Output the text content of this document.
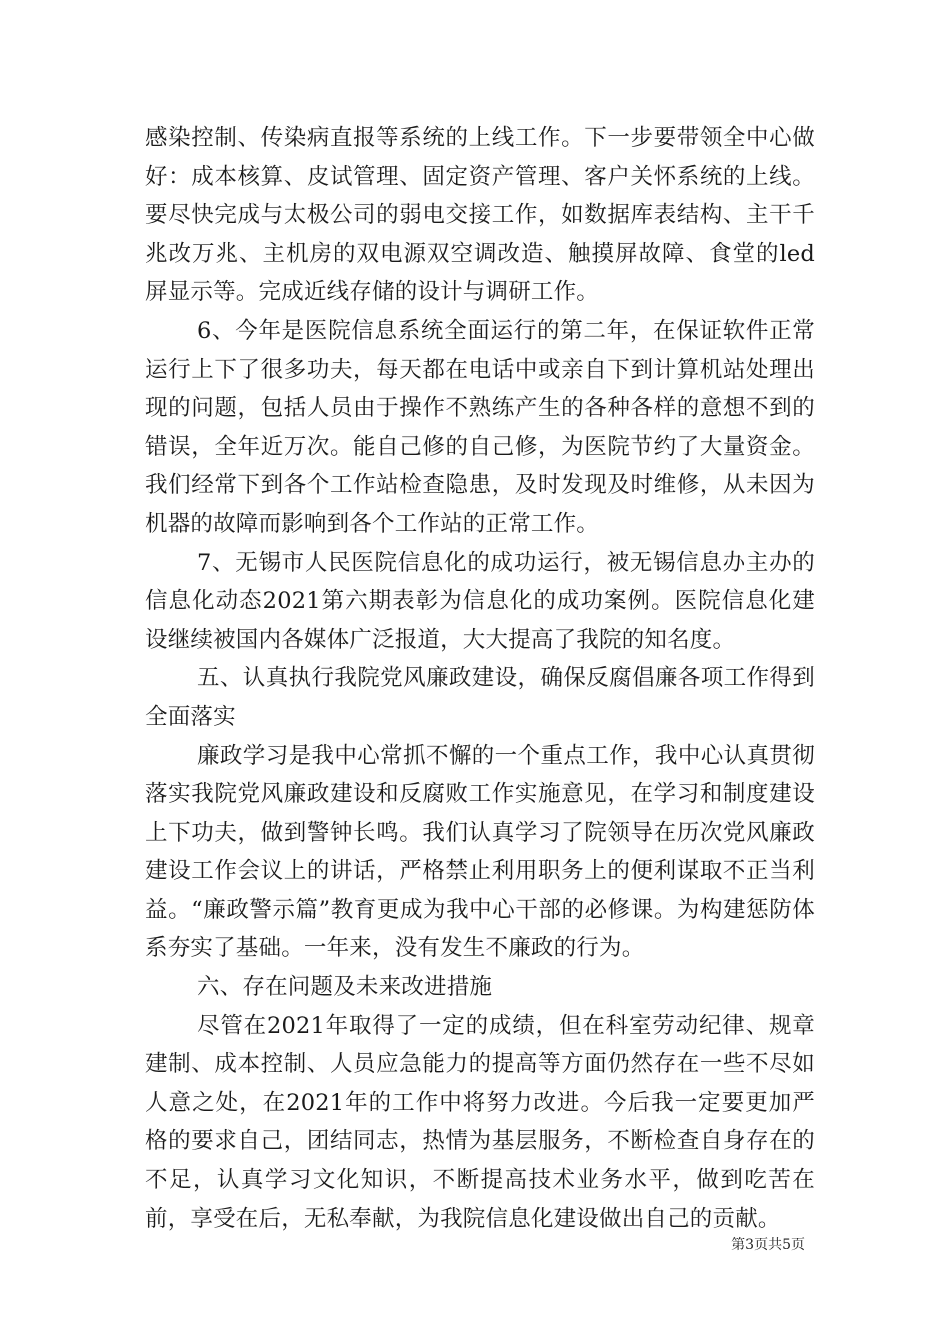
感染控制、传染病直报等系统的上线工作。下一步要带领全中心做好：成本核算、皮试管理、固定资产管理、客户关怀系统的上线。要尽快完成与太极公司的弱电交接工作，如数据库表结构、主干千兆改万兆、主机房的双电源双空调改造、触摸屏故障、食堂的led屏显示等。完成近线存储的设计与调研工作。

6、今年是医院信息系统全面运行的第二年，在保证软件正常运行上下了很多功夫，每天都在电话中或亲自下到计算机站处理出现的问题，包括人员由于操作不熟练产生的各种各样的意想不到的错误，全年近万次。能自己修的自己修，为医院节约了大量资金。我们经常下到各个工作站检查隐患，及时发现及时维修，从未因为机器的故障而影响到各个工作站的正常工作。

7、无锡市人民医院信息化的成功运行，被无锡信息办主办的信息化动态2021第六期表彰为信息化的成功案例。医院信息化建设继续被国内各媒体广泛报道，大大提高了我院的知名度。

五、认真执行我院党风廉政建设，确保反腐倡廉各项工作得到全面落实

廉政学习是我中心常抓不懈的一个重点工作，我中心认真贯彻落实我院党风廉政建设和反腐败工作实施意见，在学习和制度建设上下功夫，做到警钟长鸣。我们认真学习了院领导在历次党风廉政建设工作会议上的讲话，严格禁止利用职务上的便利谋取不正当利益。“廉政警示篇”教育更成为我中心干部的必修课。为构建惩防体系夯实了基础。一年来，没有发生不廉政的行为。

六、存在问题及未来改进措施

尽管在2021年取得了一定的成绩，但在科室劳动纪律、规章建制、成本控制、人员应急能力的提高等方面仍然存在一些不尽如人意之处，在2021年的工作中将努力改进。今后我一定要更加严格的要求自己，团结同志，热情为基层服务，不断检查自身存在的不足，认真学习文化知识，不断提高技术业务水平，做到吃苦在前，享受在后，无私奉献，为我院信息化建设做出自己的贡献。

第3页共5页
